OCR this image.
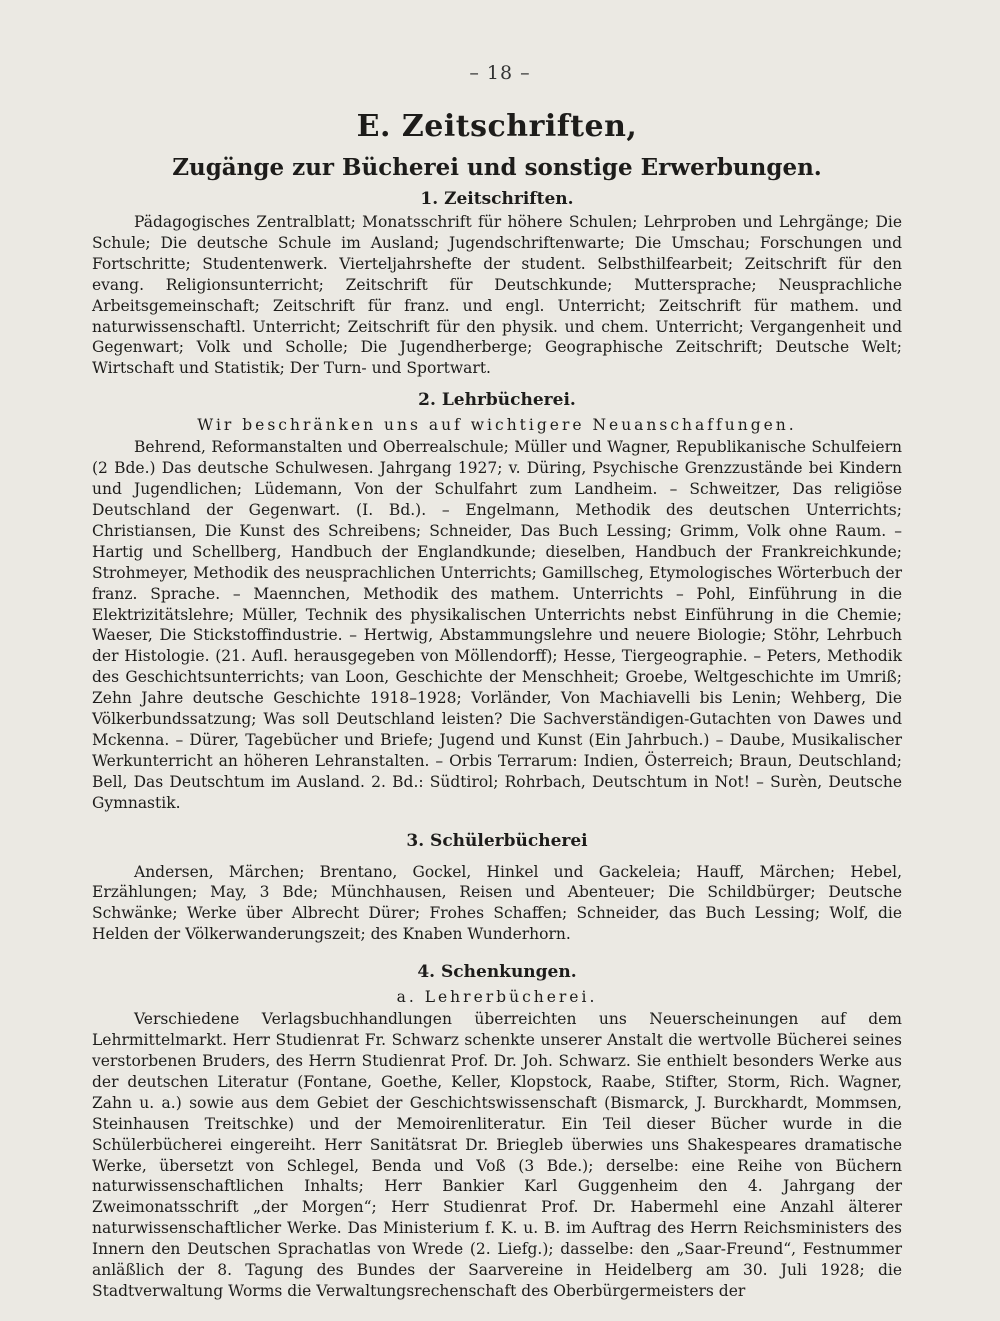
– 18 –
E. Zeitschriften,
Zugänge zur Bücherei und sonstige Erwerbungen.
1. Zeitschriften.

Pädagogisches Zentralblatt; Monatsschrift für höhere Schulen; Lehrproben und Lehrgänge; Die Schule; Die deutsche Schule im Ausland; Jugendschriftenwarte; Die Umschau; Forschungen und Fortschritte; Studentenwerk. Vierteljahrshefte der student. Selbsthilfearbeit; Zeitschrift für den evang. Religionsunterricht; Zeitschrift für Deutschkunde; Muttersprache; Neusprachliche Arbeitsgemeinschaft; Zeitschrift für franz. und engl. Unterricht; Zeitschrift für mathem. und naturwissenschaftl. Unterricht; Zeitschrift für den physik. und chem. Unterricht; Vergangenheit und Gegenwart; Volk und Scholle; Die Jugendherberge; Geographische Zeitschrift; Deutsche Welt; Wirtschaft und Statistik; Der Turn- und Sportwart.

2. Lehrbücherei.
Wir beschränken uns auf wichtigere Neuanschaffungen.

Behrend, Reformanstalten und Oberrealschule; Müller und Wagner, Republikanische Schulfeiern (2 Bde.) Das deutsche Schulwesen. Jahrgang 1927; v. Düring, Psychische Grenzzustände bei Kindern und Jugendlichen; Lüdemann, Von der Schulfahrt zum Landheim. – Schweitzer, Das religiöse Deutschland der Gegenwart. (I. Bd.). – Engelmann, Methodik des deutschen Unterrichts; Christiansen, Die Kunst des Schreibens; Schneider, Das Buch Lessing; Grimm, Volk ohne Raum. – Hartig und Schellberg, Handbuch der Englandkunde; dieselben, Handbuch der Frankreichkunde; Strohmeyer, Methodik des neusprachlichen Unterrichts; Gamillscheg, Etymologisches Wörterbuch der franz. Sprache. – Maennchen, Methodik des mathem. Unterrichts – Pohl, Einführung in die Elektrizitätslehre; Müller, Technik des physikalischen Unterrichts nebst Einführung in die Chemie; Waeser, Die Stickstoffindustrie. – Hertwig, Abstammungslehre und neuere Biologie; Stöhr, Lehrbuch der Histologie. (21. Aufl. herausgegeben von Möllendorff); Hesse, Tiergeographie. – Peters, Methodik des Geschichtsunterrichts; van Loon, Geschichte der Menschheit; Groebe, Weltgeschichte im Umriß; Zehn Jahre deutsche Geschichte 1918–1928; Vorländer, Von Machiavelli bis Lenin; Wehberg, Die Völkerbundssatzung; Was soll Deutschland leisten? Die Sachverständigen-Gutachten von Dawes und Mckenna. – Dürer, Tagebücher und Briefe; Jugend und Kunst (Ein Jahrbuch.) – Daube, Musikalischer Werkunterricht an höheren Lehranstalten. – Orbis Terrarum: Indien, Österreich; Braun, Deutschland; Bell, Das Deutschtum im Ausland. 2. Bd.: Südtirol; Rohrbach, Deutschtum in Not! – Surèn, Deutsche Gymnastik.

3. Schülerbücherei

Andersen, Märchen; Brentano, Gockel, Hinkel und Gackeleia; Hauff, Märchen; Hebel, Erzählungen; May, 3 Bde; Münchhausen, Reisen und Abenteuer; Die Schildbürger; Deutsche Schwänke; Werke über Albrecht Dürer; Frohes Schaffen; Schneider, das Buch Lessing; Wolf, die Helden der Völkerwanderungszeit; des Knaben Wunderhorn.

4. Schenkungen.
a. Lehrerbücherei.

Verschiedene Verlagsbuchhandlungen überreichten uns Neuerscheinungen auf dem Lehrmittelmarkt. Herr Studienrat Fr. Schwarz schenkte unserer Anstalt die wertvolle Bücherei seines verstorbenen Bruders, des Herrn Studienrat Prof. Dr. Joh. Schwarz. Sie enthielt besonders Werke aus der deutschen Literatur (Fontane, Goethe, Keller, Klopstock, Raabe, Stifter, Storm, Rich. Wagner, Zahn u. a.) sowie aus dem Gebiet der Geschichtswissenschaft (Bismarck, J. Burckhardt, Mommsen, Steinhausen Treitschke) und der Memoirenliteratur. Ein Teil dieser Bücher wurde in die Schülerbücherei eingereiht. Herr Sanitätsrat Dr. Briegleb überwies uns Shakespeares dramatische Werke, übersetzt von Schlegel, Benda und Voß (3 Bde.); derselbe: eine Reihe von Büchern naturwissenschaftlichen Inhalts; Herr Bankier Karl Guggenheim den 4. Jahrgang der Zweimonatsschrift „der Morgen“; Herr Studienrat Prof. Dr. Habermehl eine Anzahl älterer naturwissenschaftlicher Werke. Das Ministerium f. K. u. B. im Auftrag des Herrn Reichsministers des Innern den Deutschen Sprachatlas von Wrede (2. Liefg.); dasselbe: den „Saar-Freund“, Festnummer anläßlich der 8. Tagung des Bundes der Saarvereine in Heidelberg am 30. Juli 1928; die Stadtverwaltung Worms die Verwaltungsrechenschaft des Oberbürgermeisters der
